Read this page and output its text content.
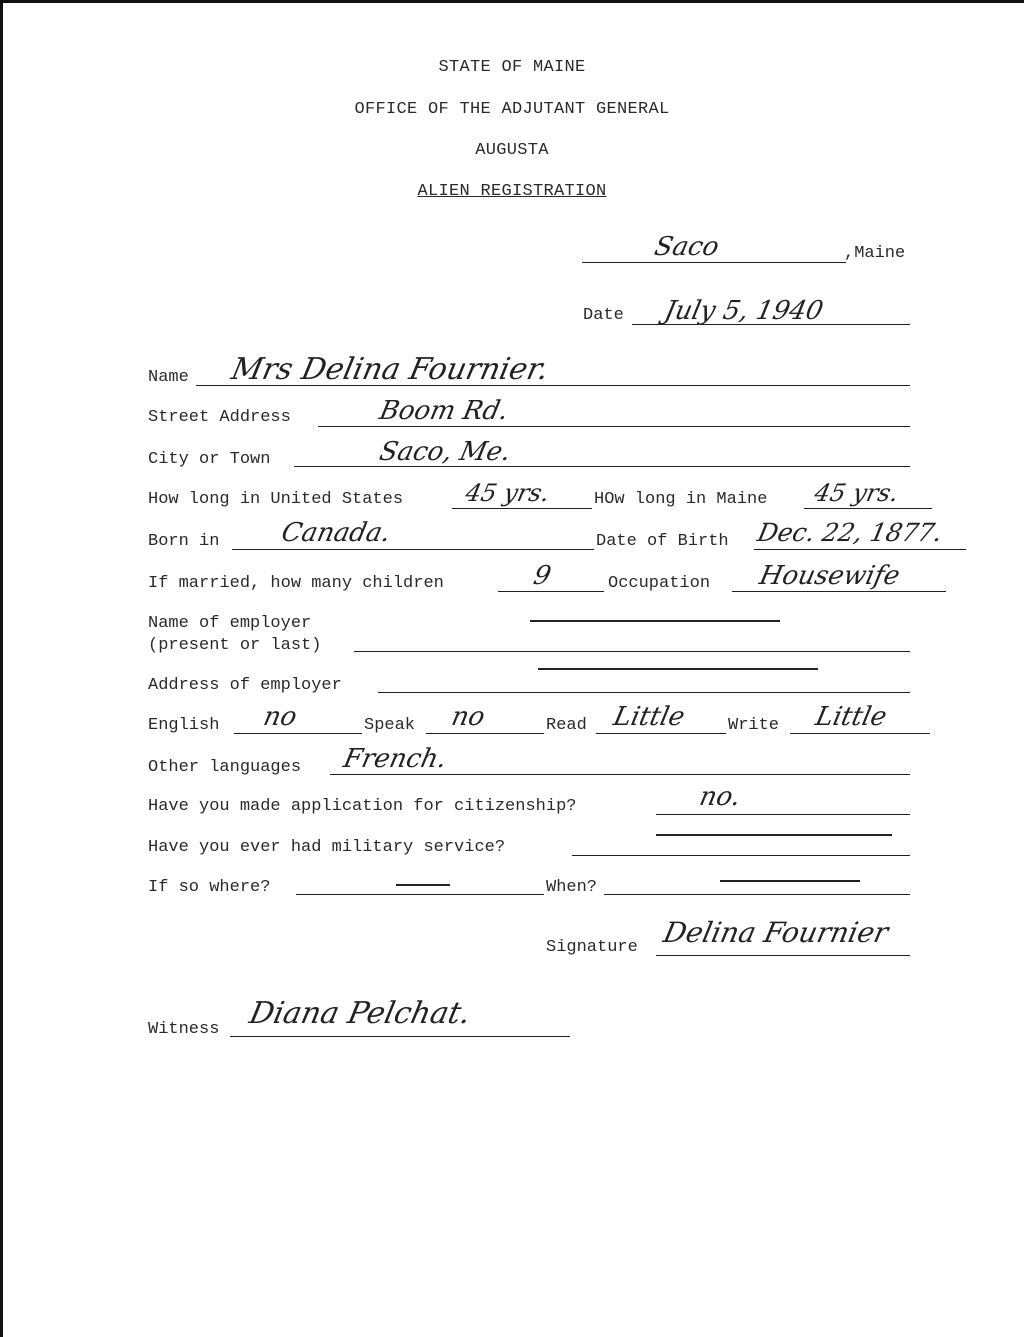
STATE OF MAINE
OFFICE OF THE ADJUTANT GENERAL
AUGUSTA
ALIEN REGISTRATION
Saco	,Maine
Date July 5, 1940
Name Mrs Delina Fournier.
Street Address	Boom Rd.
City or Town	Saco, Me.
How long in United States 45 yrs. HOw long in Maine 45 yrs.
Born in Canada.	Date of Birth Dec. 22, 1877.
If married, how many children	9	Occupation Housewife
Name of employer
(present or last)
Address of employer
English no	Speak no	Read Little Write Little
Other languages French.
Have you made application for citizenship?	no.
Have you ever had military service?
If so where?	When?
Signature Delina Fournier
Witness Diana Pelchat.
